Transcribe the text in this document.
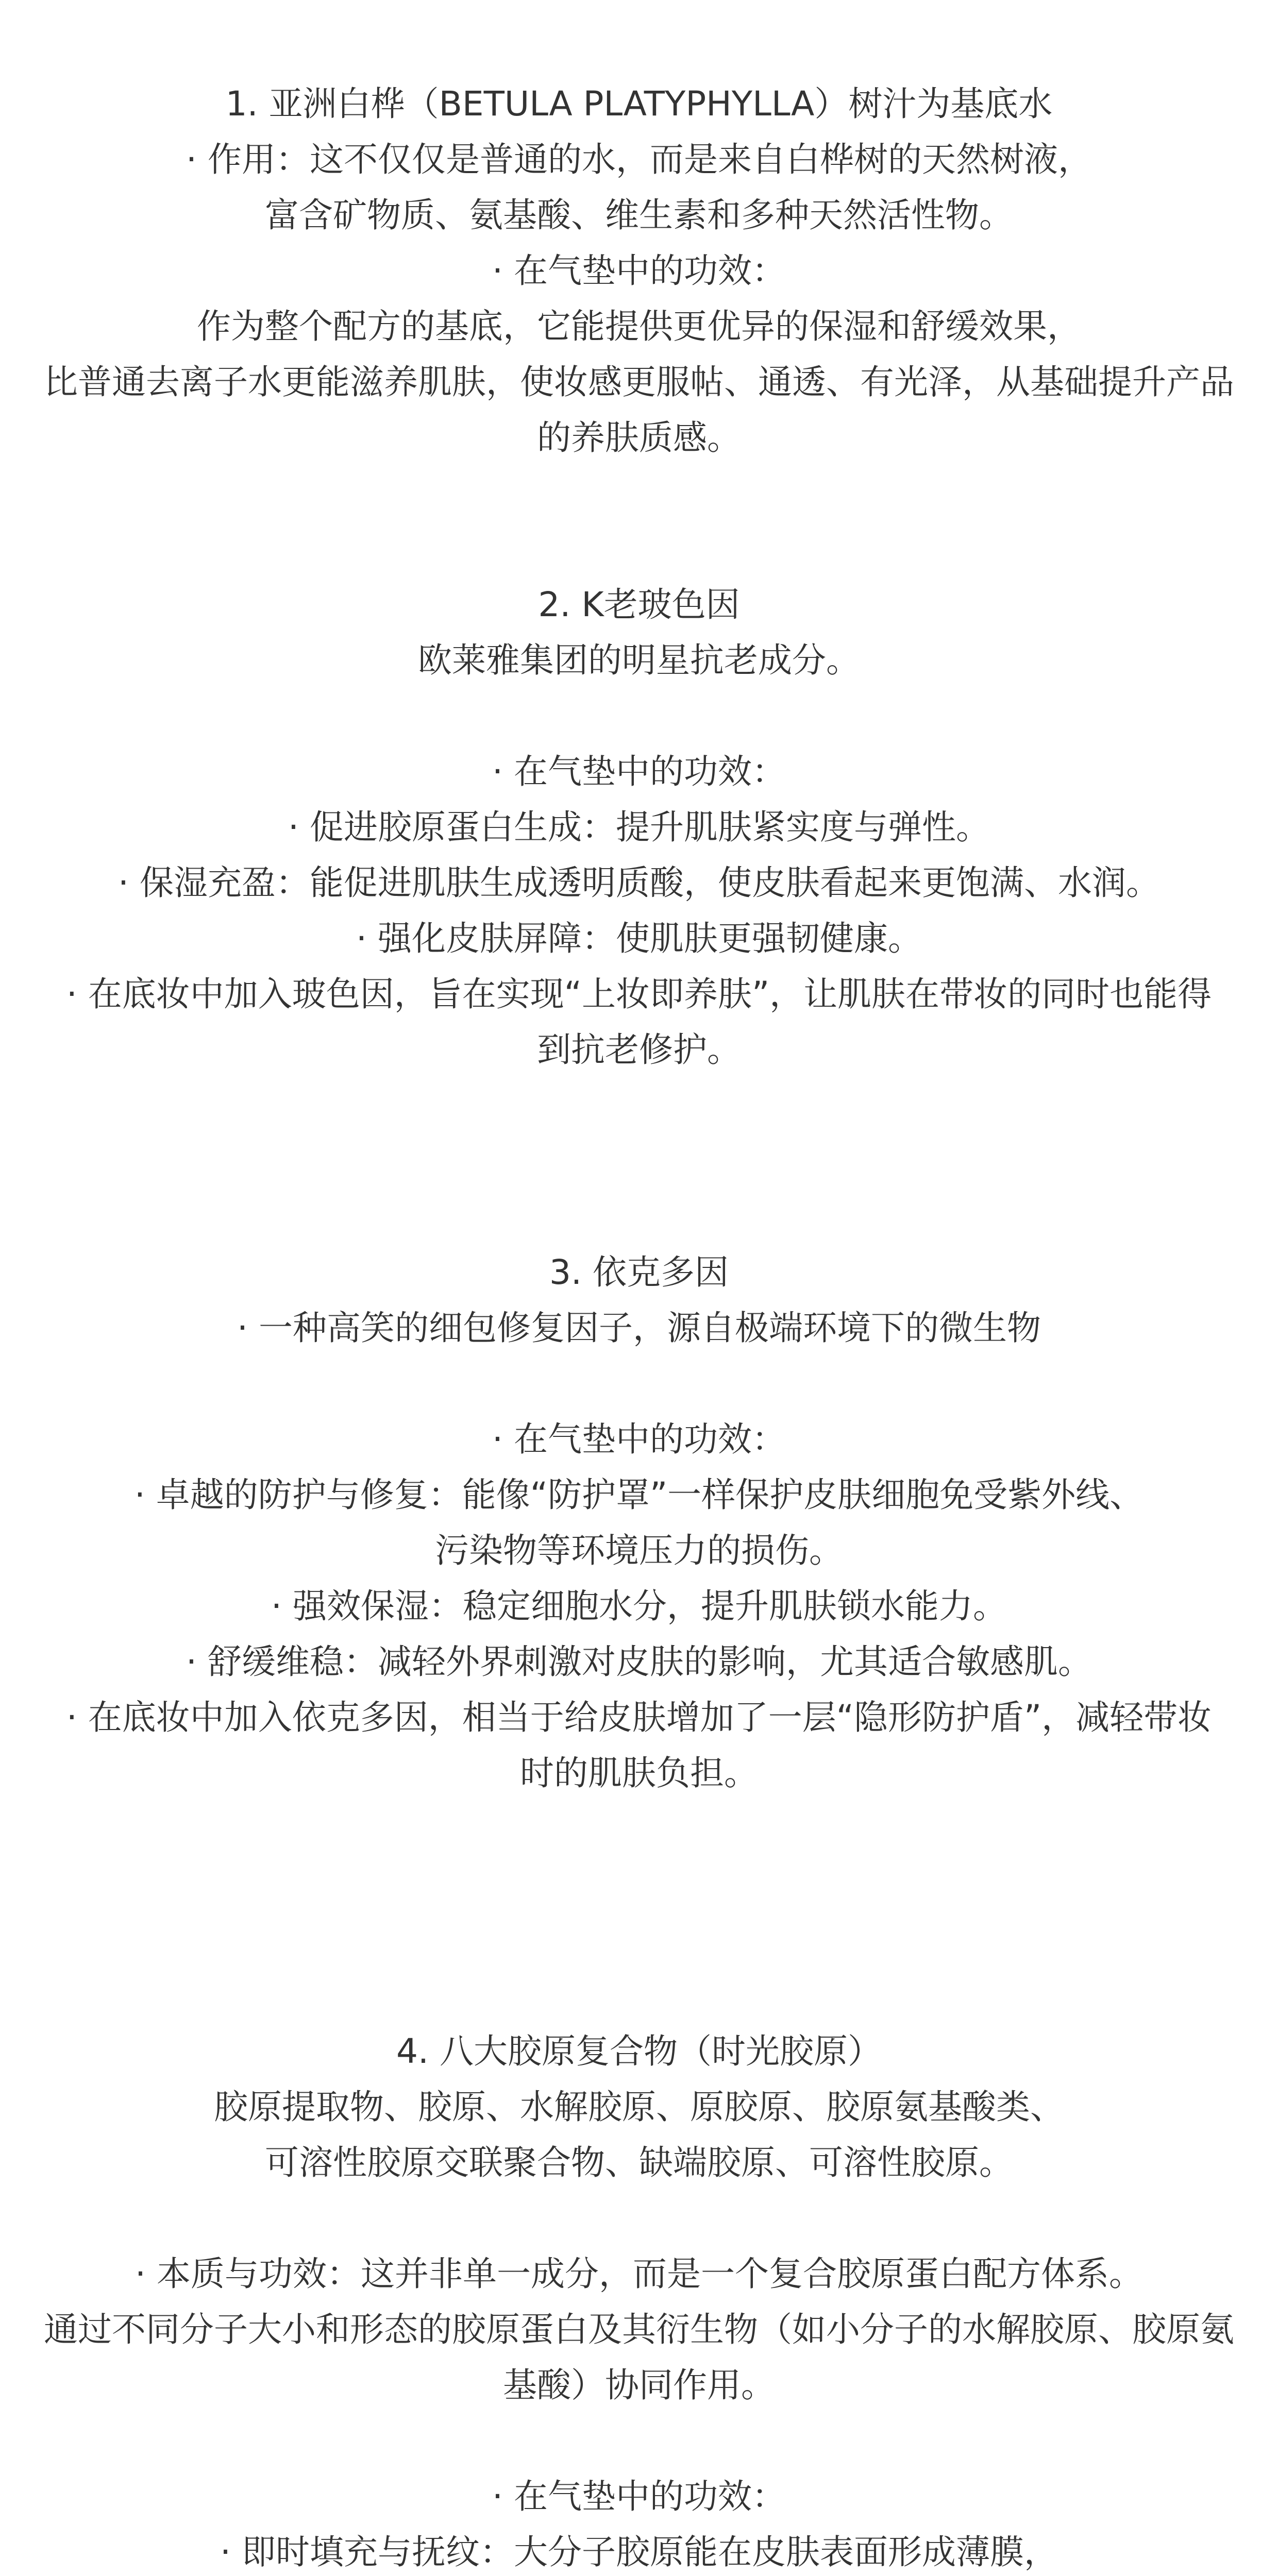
1. 亚洲白桦（BETULA PLATYPHYLLA）树汁为基底水
· 作用：这不仅仅是普通的水，而是来自白桦树的天然树液，
富含矿物质、氨基酸、维生素和多种天然活性物。
· 在气垫中的功效：
作为整个配方的基底，它能提供更优异的保湿和舒缓效果，
比普通去离子水更能滋养肌肤，使妆感更服帖、通透、有光泽，从基础提升产品
的养肤质感。
2. K老玻色因
欧莱雅集团的明星抗老成分。
· 在气垫中的功效：
· 促进胶原蛋白生成：提升肌肤紧实度与弹性。
· 保湿充盈：能促进肌肤生成透明质酸，使皮肤看起来更饱满、水润。
· 强化皮肤屏障：使肌肤更强韧健康。
· 在底妆中加入玻色因，旨在实现“上妆即养肤”，让肌肤在带妆的同时也能得
到抗老修护。
3. 依克多因
· 一种高笑的细包修复因子，源自极端环境下的微生物
· 在气垫中的功效：
· 卓越的防护与修复：能像“防护罩”一样保护皮肤细胞免受紫外线、
污染物等环境压力的损伤。
· 强效保湿：稳定细胞水分，提升肌肤锁水能力。
· 舒缓维稳：减轻外界刺激对皮肤的影响，尤其适合敏感肌。
· 在底妆中加入依克多因，相当于给皮肤增加了一层“隐形防护盾”，减轻带妆
时的肌肤负担。
4. 八大胶原复合物（时光胶原）
胶原提取物、胶原、水解胶原、原胶原、胶原氨基酸类、
可溶性胶原交联聚合物、缺端胶原、可溶性胶原。
· 本质与功效：这并非单一成分，而是一个复合胶原蛋白配方体系。
通过不同分子大小和形态的胶原蛋白及其衍生物（如小分子的水解胶原、胶原氨
基酸）协同作用。
· 在气垫中的功效：
· 即时填充与抚纹：大分子胶原能在皮肤表面形成薄膜，
